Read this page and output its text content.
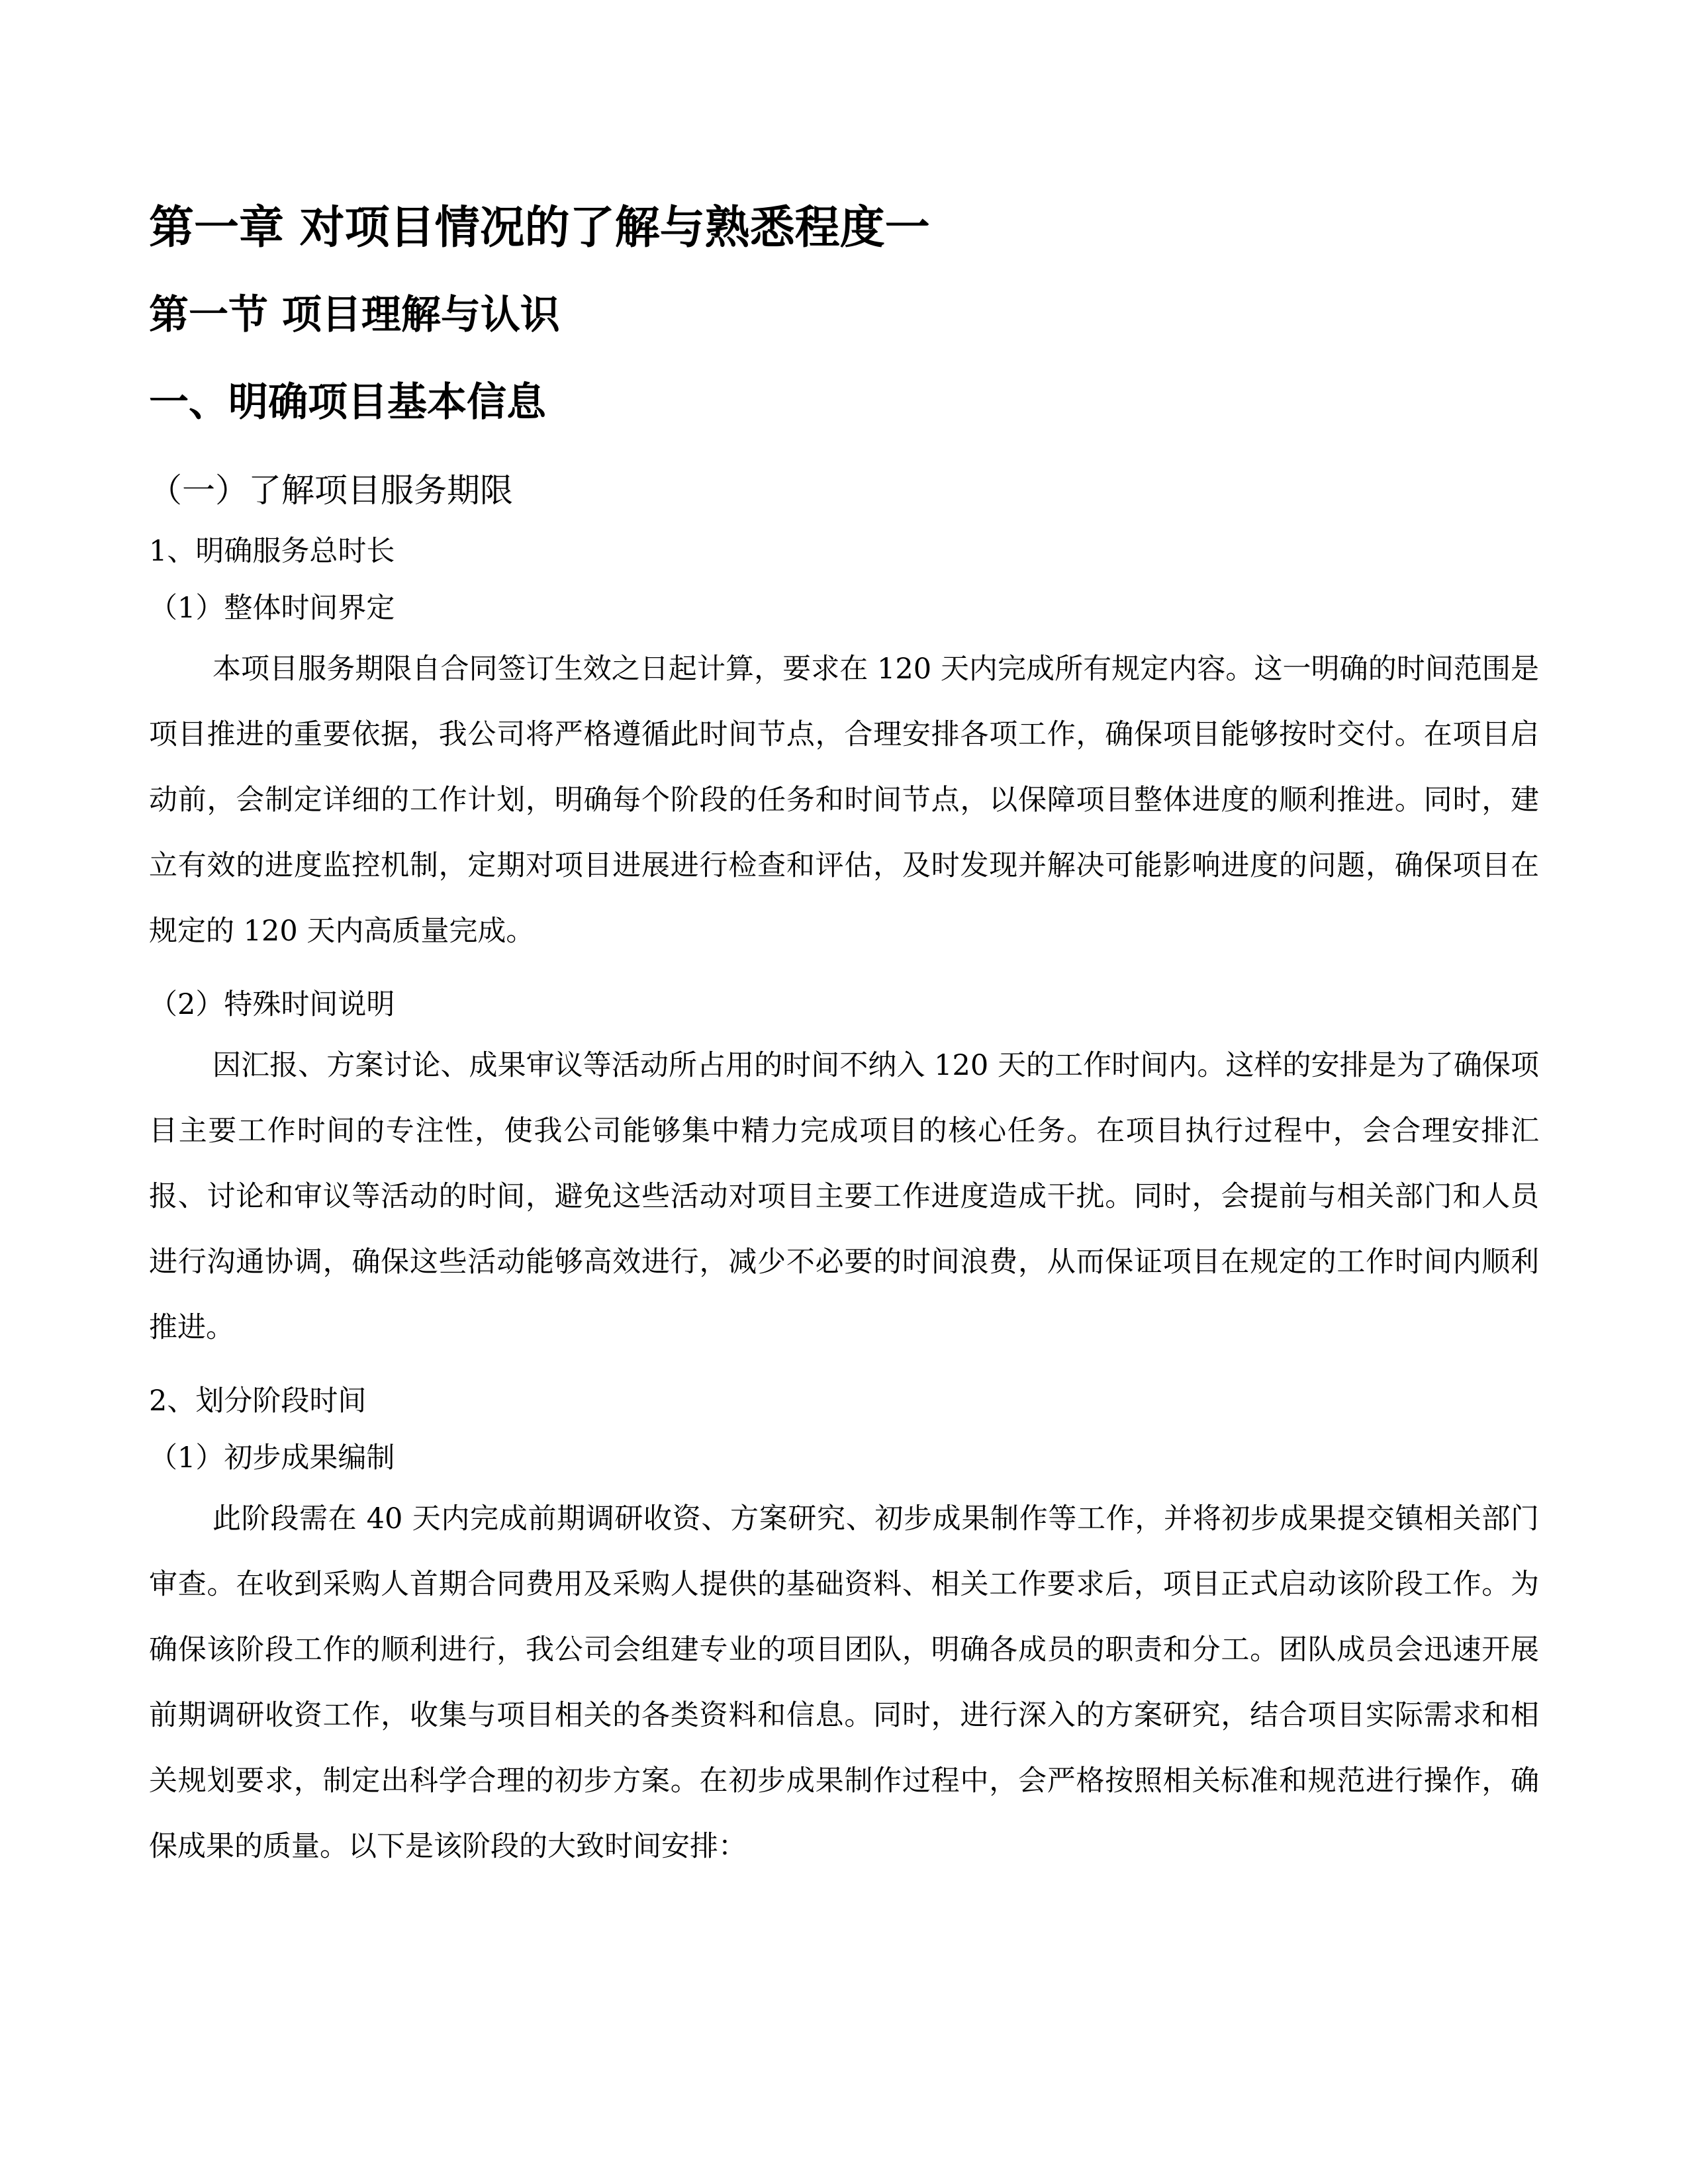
第一章 对项目情况的了解与熟悉程度一
第一节 项目理解与认识
一、明确项目基本信息
（一）了解项目服务期限
1、明确服务总时长
（1）整体时间界定

本项目服务期限自合同签订生效之日起计算，要求在 120 天内完成所有规定内容。这一明确的时间范围是项目推进的重要依据，我公司将严格遵循此时间节点，合理安排各项工作，确保项目能够按时交付。在项目启动前，会制定详细的工作计划，明确每个阶段的任务和时间节点，以保障项目整体进度的顺利推进。同时，建立有效的进度监控机制，定期对项目进展进行检查和评估，及时发现并解决可能影响进度的问题，确保项目在规定的 120 天内高质量完成。

（2）特殊时间说明

因汇报、方案讨论、成果审议等活动所占用的时间不纳入 120 天的工作时间内。这样的安排是为了确保项目主要工作时间的专注性，使我公司能够集中精力完成项目的核心任务。在项目执行过程中，会合理安排汇报、讨论和审议等活动的时间，避免这些活动对项目主要工作进度造成干扰。同时，会提前与相关部门和人员进行沟通协调，确保这些活动能够高效进行，减少不必要的时间浪费，从而保证项目在规定的工作时间内顺利推进。

2、划分阶段时间
（1）初步成果编制

此阶段需在 40 天内完成前期调研收资、方案研究、初步成果制作等工作，并将初步成果提交镇相关部门审查。在收到采购人首期合同费用及采购人提供的基础资料、相关工作要求后，项目正式启动该阶段工作。为确保该阶段工作的顺利进行，我公司会组建专业的项目团队，明确各成员的职责和分工。团队成员会迅速开展前期调研收资工作，收集与项目相关的各类资料和信息。同时，进行深入的方案研究，结合项目实际需求和相关规划要求，制定出科学合理的初步方案。在初步成果制作过程中，会严格按照相关标准和规范进行操作，确保成果的质量。以下是该阶段的大致时间安排：
